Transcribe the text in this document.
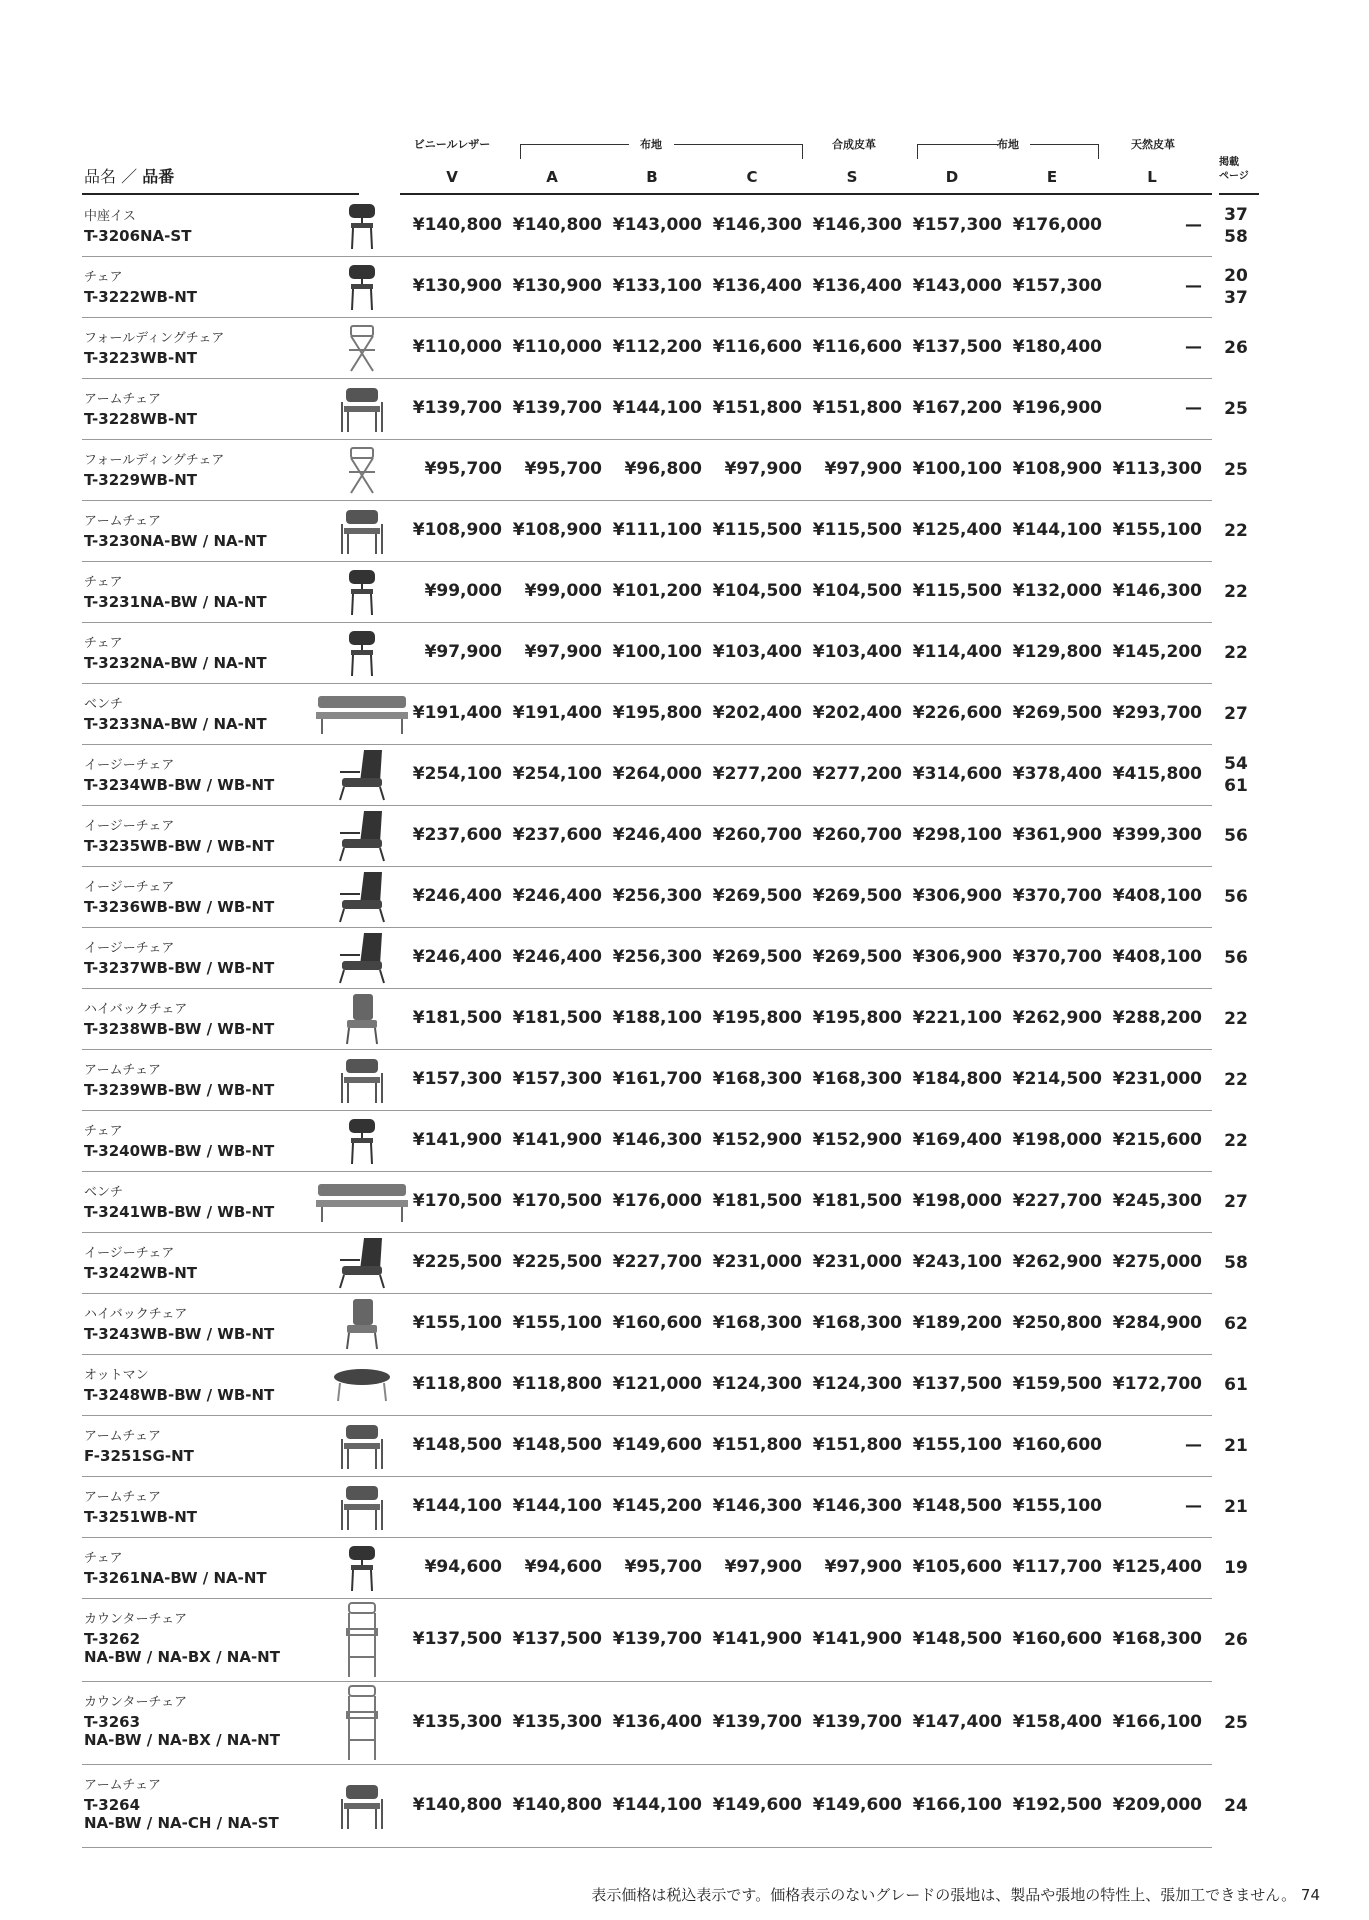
ビニールレザー	布地	合成皮革	布地	天然皮革
品名 ／ 品番	V	A	B	C	S	D	E	L
掲載
ページ
中座イス
T-3206NA-ST
¥140,800 ¥140,800 ¥143,000 ¥146,300 ¥146,300 ¥157,300 ¥176,000	— 37
58
チェア
T-3222WB-NT
¥130,900 ¥130,900 ¥133,100 ¥136,400 ¥136,400 ¥143,000 ¥157,300	— 20
37
フォールディングチェア
T-3223WB-NT
¥110,000 ¥110,000 ¥112,200 ¥116,600 ¥116,600 ¥137,500 ¥180,400	— 26
アームチェア
T-3228WB-NT
¥139,700 ¥139,700 ¥144,100 ¥151,800 ¥151,800 ¥167,200 ¥196,900	— 25
フォールディングチェア
T-3229WB-NT
¥95,700	¥95,700	¥96,800	¥97,900	¥97,900 ¥100,100 ¥108,900 ¥113,300 25
アームチェア
T-3230NA-BW / NA-NT
¥108,900 ¥108,900 ¥111,100 ¥115,500 ¥115,500 ¥125,400 ¥144,100 ¥155,100 22
チェア
T-3231NA-BW / NA-NT
¥99,000	¥99,000 ¥101,200 ¥104,500 ¥104,500 ¥115,500 ¥132,000 ¥146,300 22
チェア
T-3232NA-BW / NA-NT
¥97,900	¥97,900 ¥100,100 ¥103,400 ¥103,400 ¥114,400 ¥129,800 ¥145,200 22
ベンチ
T-3233NA-BW / NA-NT
¥191,400 ¥191,400 ¥195,800 ¥202,400 ¥202,400 ¥226,600 ¥269,500 ¥293,700 27
イージーチェア
T-3234WB-BW / WB-NT
¥254,100 ¥254,100 ¥264,000 ¥277,200 ¥277,200 ¥314,600 ¥378,400 ¥415,800 54
61
イージーチェア
T-3235WB-BW / WB-NT
¥237,600 ¥237,600 ¥246,400 ¥260,700 ¥260,700 ¥298,100 ¥361,900 ¥399,300 56
イージーチェア
T-3236WB-BW / WB-NT
¥246,400 ¥246,400 ¥256,300 ¥269,500 ¥269,500 ¥306,900 ¥370,700 ¥408,100 56
イージーチェア
T-3237WB-BW / WB-NT
¥246,400 ¥246,400 ¥256,300 ¥269,500 ¥269,500 ¥306,900 ¥370,700 ¥408,100 56
ハイバックチェア
T-3238WB-BW / WB-NT
¥181,500 ¥181,500 ¥188,100 ¥195,800 ¥195,800 ¥221,100 ¥262,900 ¥288,200 22
アームチェア
T-3239WB-BW / WB-NT
¥157,300 ¥157,300 ¥161,700 ¥168,300 ¥168,300 ¥184,800 ¥214,500 ¥231,000 22
チェア
T-3240WB-BW / WB-NT
¥141,900 ¥141,900 ¥146,300 ¥152,900 ¥152,900 ¥169,400 ¥198,000 ¥215,600 22
ベンチ
T-3241WB-BW / WB-NT
¥170,500 ¥170,500 ¥176,000 ¥181,500 ¥181,500 ¥198,000 ¥227,700 ¥245,300 27
イージーチェア
T-3242WB-NT
¥225,500 ¥225,500 ¥227,700 ¥231,000 ¥231,000 ¥243,100 ¥262,900 ¥275,000 58
ハイバックチェア
T-3243WB-BW / WB-NT
¥155,100 ¥155,100 ¥160,600 ¥168,300 ¥168,300 ¥189,200 ¥250,800 ¥284,900 62
オットマン
T-3248WB-BW / WB-NT
¥118,800 ¥118,800 ¥121,000 ¥124,300 ¥124,300 ¥137,500 ¥159,500 ¥172,700 61
アームチェア
F-3251SG-NT
¥148,500 ¥148,500 ¥149,600 ¥151,800 ¥151,800 ¥155,100 ¥160,600	— 21
アームチェア
T-3251WB-NT
¥144,100 ¥144,100 ¥145,200 ¥146,300 ¥146,300 ¥148,500 ¥155,100	— 21
チェア
T-3261NA-BW / NA-NT
¥94,600	¥94,600	¥95,700	¥97,900	¥97,900 ¥105,600 ¥117,700 ¥125,400 19
カウンターチェア
T-3262
NA-BW / NA-BX / NA-NT
¥137,500 ¥137,500 ¥139,700 ¥141,900 ¥141,900 ¥148,500 ¥160,600 ¥168,300 26
カウンターチェア
T-3263
NA-BW / NA-BX / NA-NT
¥135,300 ¥135,300 ¥136,400 ¥139,700 ¥139,700 ¥147,400 ¥158,400 ¥166,100 25
アームチェア
T-3264
NA-BW / NA-CH / NA-ST
¥140,800 ¥140,800 ¥144,100 ¥149,600 ¥149,600 ¥166,100 ¥192,500 ¥209,000 24
表示価格は税込表示です。価格表示のないグレードの張地は、製品や張地の特性上、張加工できません。 74
